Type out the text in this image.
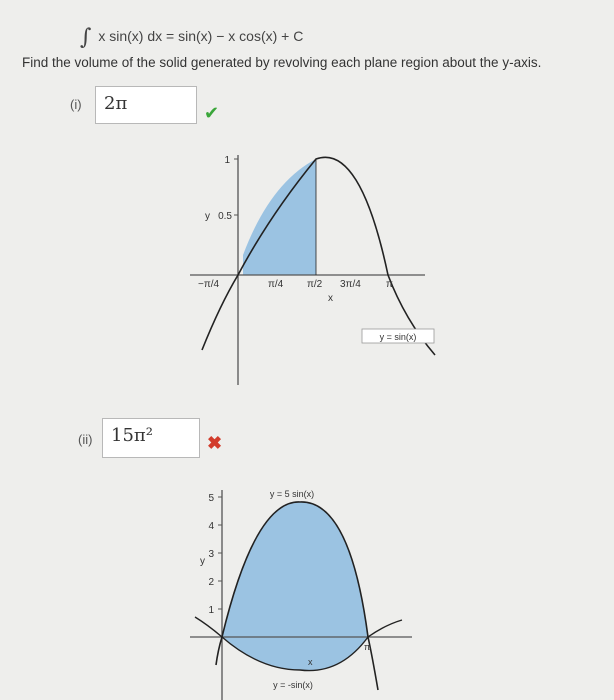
∫ x sin(x) dx = sin(x) − x cos(x) + C
Find the volume of the solid generated by revolving each plane region about the y-axis.
(i)	2π	✔
1
y 0.5
−π/4	π/4 π/2 3π/4	π
x
y = sin(x)
(ii)	15π²	✖
5
4
3
2
1
y
y = 5 sin(x)
y = -sin(x)
x
π
